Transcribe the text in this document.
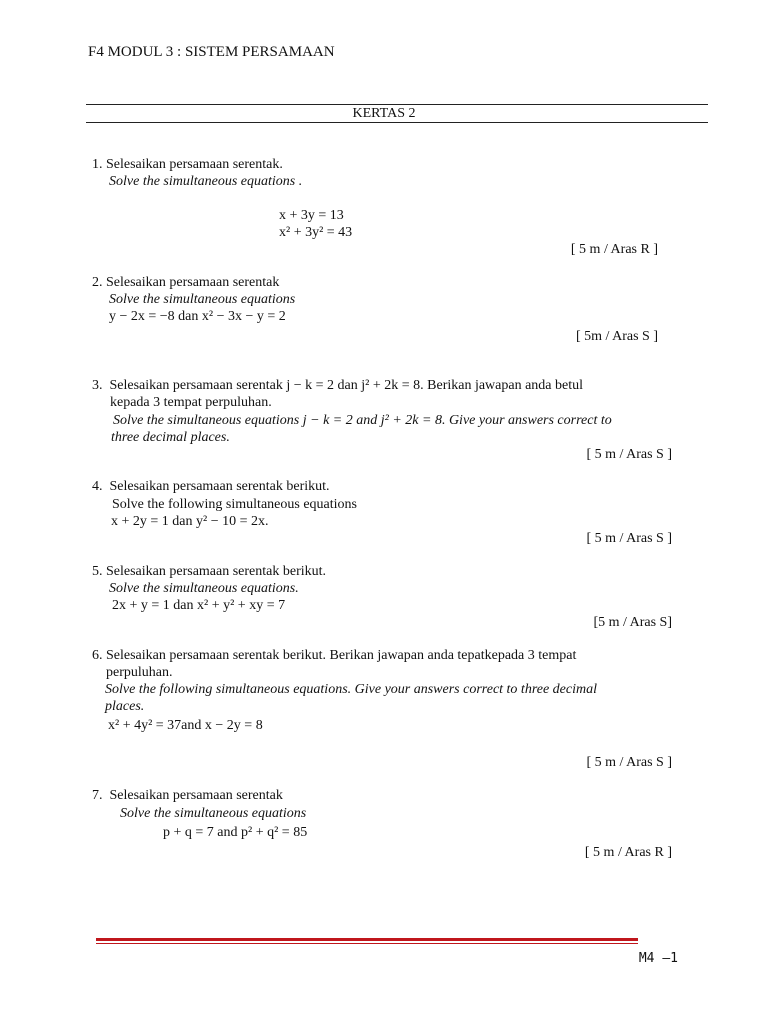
F4 MODUL 3 : SISTEM PERSAMAAN
KERTAS 2
1. Selesaikan persamaan serentak.
Solve the simultaneous equations .
x + 3y = 13
x² + 3y² = 43
[ 5 m / Aras R ]
2. Selesaikan persamaan serentak
Solve the simultaneous equations
y − 2x = −8 dan x² − 3x − y = 2
[ 5m / Aras S ]
3. Selesaikan persamaan serentak j − k = 2 dan j² + 2k = 8. Berikan jawapan anda betul
kepada 3 tempat perpuluhan.
Solve the simultaneous equations j − k = 2 and j² + 2k = 8. Give your answers correct to
three decimal places.
[ 5 m / Aras S ]
4. Selesaikan persamaan serentak berikut.
Solve the following simultaneous equations
x + 2y = 1 dan y² − 10 = 2x.
[ 5 m / Aras S ]
5. Selesaikan persamaan serentak berikut.
Solve the simultaneous equations.
2x + y = 1 dan x² + y² + xy = 7
[5 m / Aras S]
6. Selesaikan persamaan serentak berikut. Berikan jawapan anda tepatkepada 3 tempat
perpuluhan.
Solve the following simultaneous equations. Give your answers correct to three decimal
places.
x² + 4y² = 37and x − 2y = 8
[ 5 m / Aras S ]
7. Selesaikan persamaan serentak
Solve the simultaneous equations
p + q = 7 and p² + q² = 85
[ 5 m / Aras R ]
M4 –1
